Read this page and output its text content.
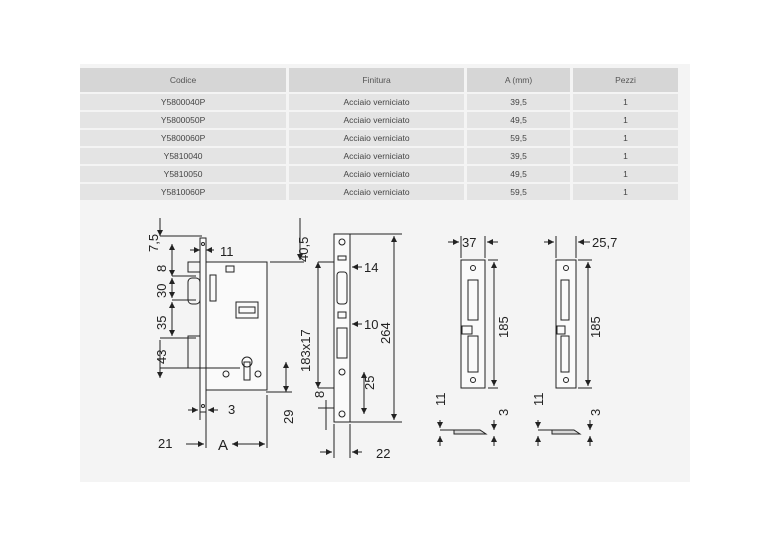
Codice	Finitura	A (mm)	Pezzi
Y5800040P	Acciaio verniciato	39,5	1
Y5800050P	Acciaio verniciato	49,5	1
Y5800060P	Acciaio verniciato	59,5	1
Y5810040	Acciaio verniciato	39,5	1
Y5810050	Acciaio verniciato	49,5	1
Y5810060P	Acciaio verniciato	59,5	1
7,5
8
30
35
43
11	40,5
29
21	A
3
14
10
183x17	264
25
8
22
37
185
11
3
25,7
185
11
3
